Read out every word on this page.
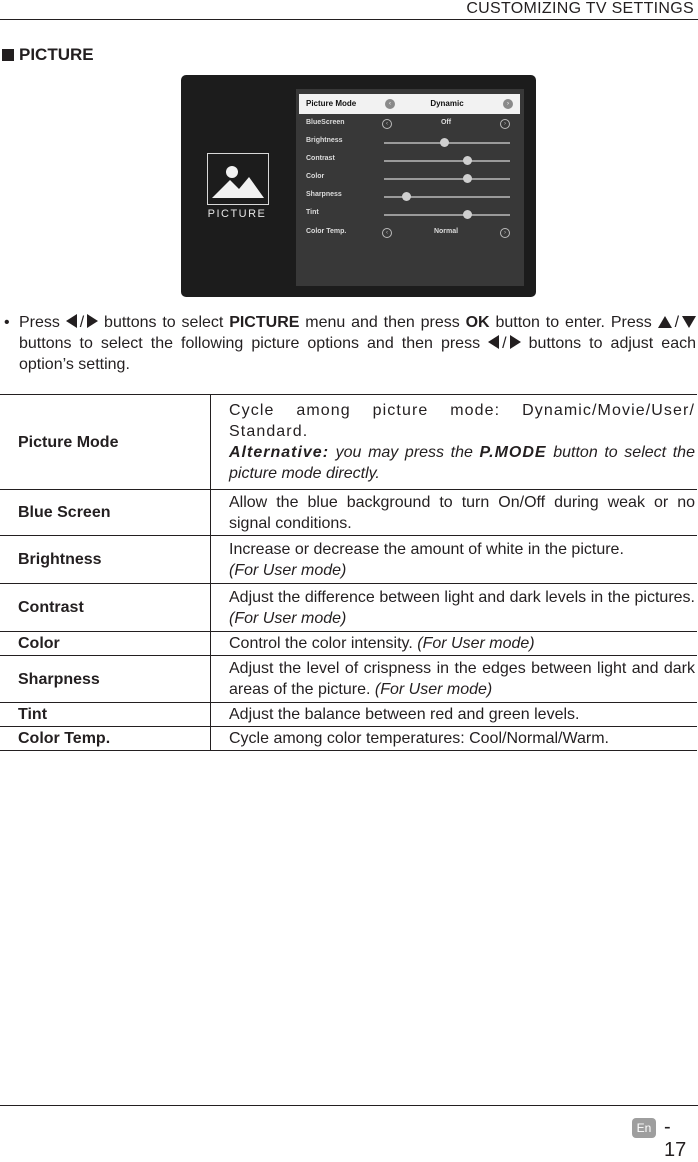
CUSTOMIZING TV SETTINGS
PICTURE
PICTURE
Picture Mode	‹	Dynamic	›
BlueScreen	‹	Off	›
Brightness
Contrast
Color
Sharpness
Tint
Color Temp.	‹	Normal	›
• Press / buttons to select PICTURE menu and then press OK button to enter. Press / buttons to select the following picture options and then press / buttons to adjust each option’s setting.

Picture Mode	Cycle among picture mode: Dynamic/Movie/User/ Standard.
Alternative: you may press the P.MODE button to select the picture mode directly.
Blue Screen	Allow the blue background to turn On/Off during weak or no signal conditions.
Brightness	Increase or decrease the amount of white in the picture.
(For User mode)
Contrast	Adjust the difference between light and dark levels in the pictures. (For User mode)
Color	Control the color intensity. (For User mode)
Sharpness	Adjust the level of crispness in the edges between light and dark areas of the picture. (For User mode)
Tint	Adjust the balance between red and green levels.
Color Temp.	Cycle among color temperatures: Cool/Normal/Warm.
En - 17
